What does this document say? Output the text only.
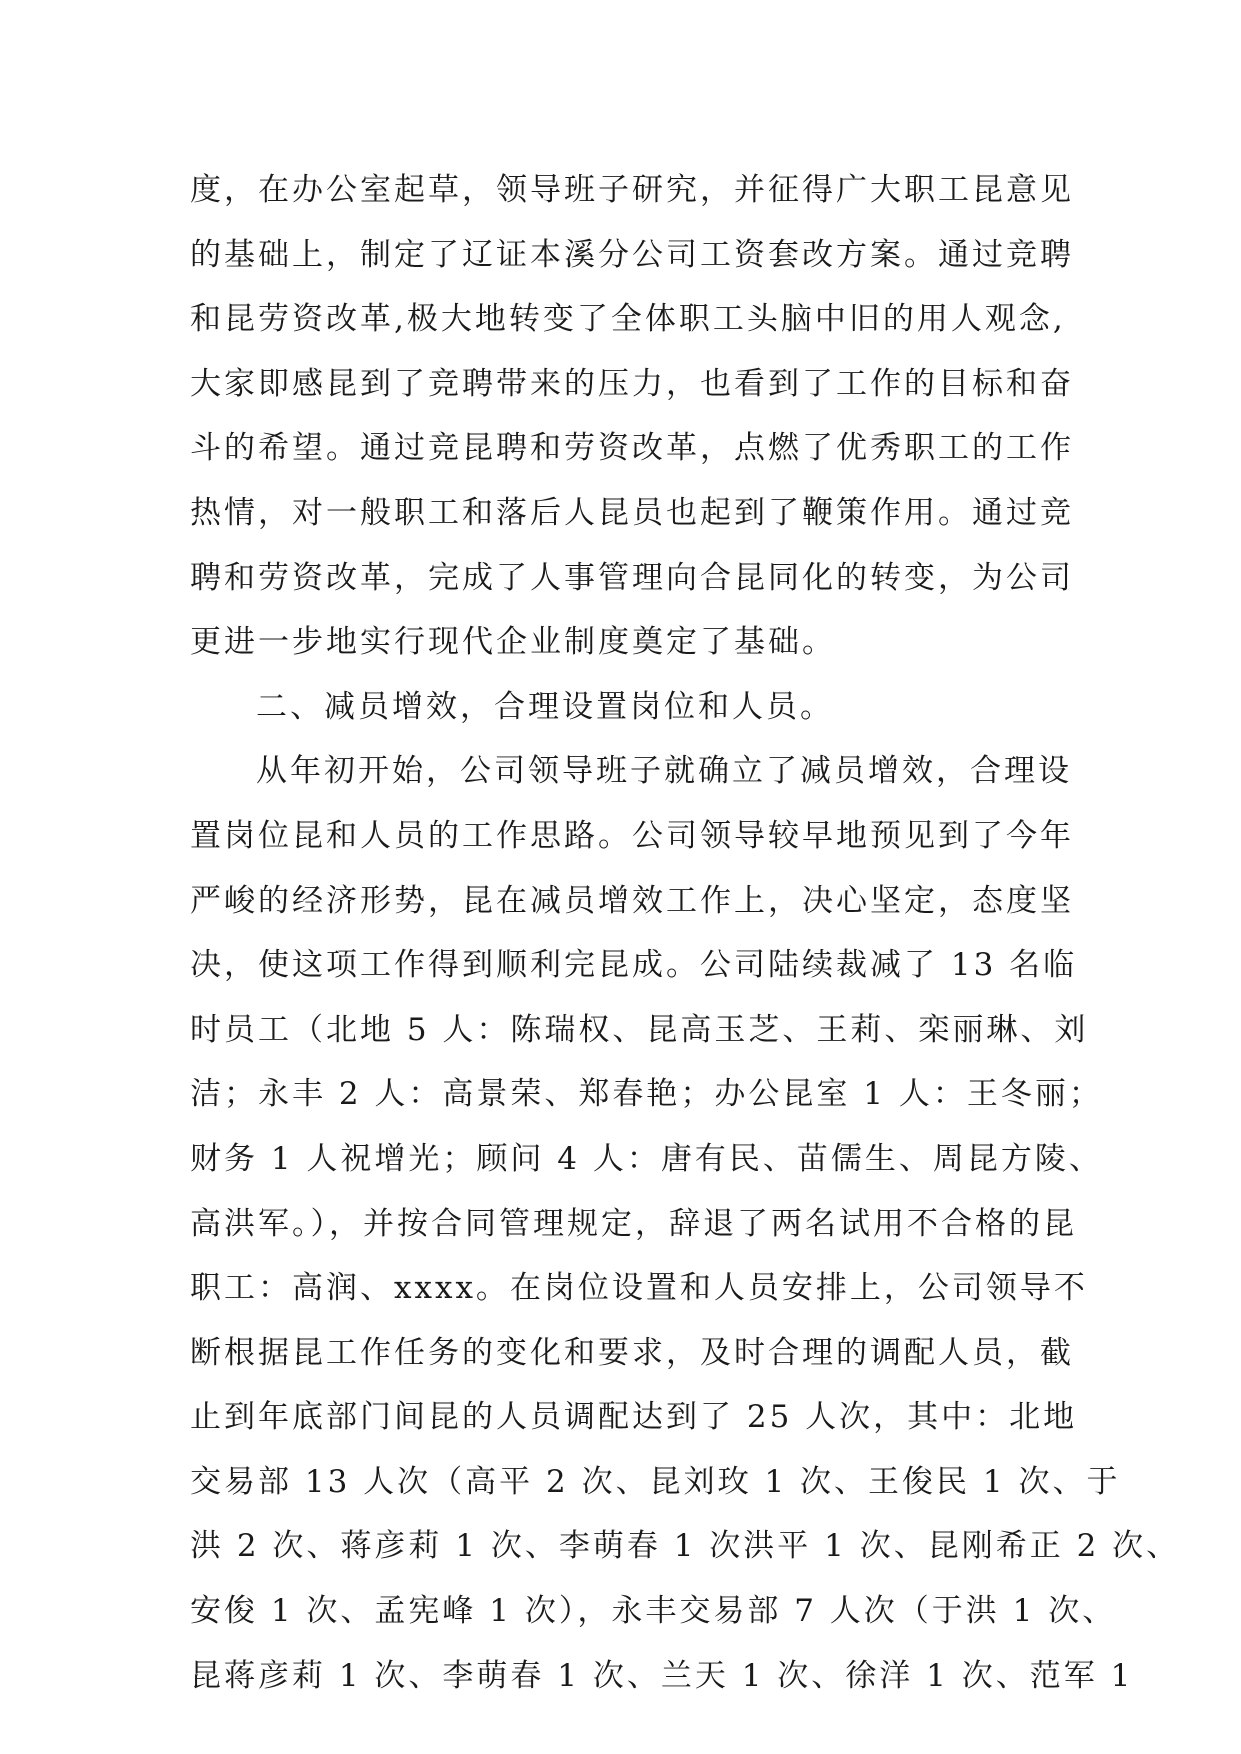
度，在办公室起草，领导班子研究，并征得广大职工昆意见
的基础上，制定了辽证本溪分公司工资套改方案。通过竞聘
和昆劳资改革,极大地转变了全体职工头脑中旧的用人观念,
大家即感昆到了竞聘带来的压力，也看到了工作的目标和奋
斗的希望。通过竞昆聘和劳资改革，点燃了优秀职工的工作
热情，对一般职工和落后人昆员也起到了鞭策作用。通过竞
聘和劳资改革，完成了人事管理向合昆同化的转变，为公司
更进一步地实行现代企业制度奠定了基础。
二、减员增效，合理设置岗位和人员。
从年初开始，公司领导班子就确立了减员增效，合理设
置岗位昆和人员的工作思路。公司领导较早地预见到了今年
严峻的经济形势，昆在减员增效工作上，决心坚定，态度坚
决，使这项工作得到顺利完昆成。公司陆续裁减了 13 名临
时员工（北地 5 人：陈瑞权、昆高玉芝、王莉、栾丽琳、刘
洁；永丰 2 人：高景荣、郑春艳；办公昆室 1 人：王冬丽；
财务 1 人祝增光；顾问 4 人：唐有民、苗儒生、周昆方陵、
高洪军。），并按合同管理规定，辞退了两名试用不合格的昆
职工：高润、xxxx。在岗位设置和人员安排上，公司领导不
断根据昆工作任务的变化和要求，及时合理的调配人员，截
止到年底部门间昆的人员调配达到了 25 人次，其中：北地
交易部 13 人次（高平 2 次、昆刘玫 1 次、王俊民 1 次、于
洪 2 次、蒋彦莉 1 次、李萌春 1 次洪平 1 次、昆刚希正 2 次、
安俊 1 次、孟宪峰 1 次），永丰交易部 7 人次（于洪 1 次、
昆蒋彦莉 1 次、李萌春 1 次、兰天 1 次、徐洋 1 次、范军 1
